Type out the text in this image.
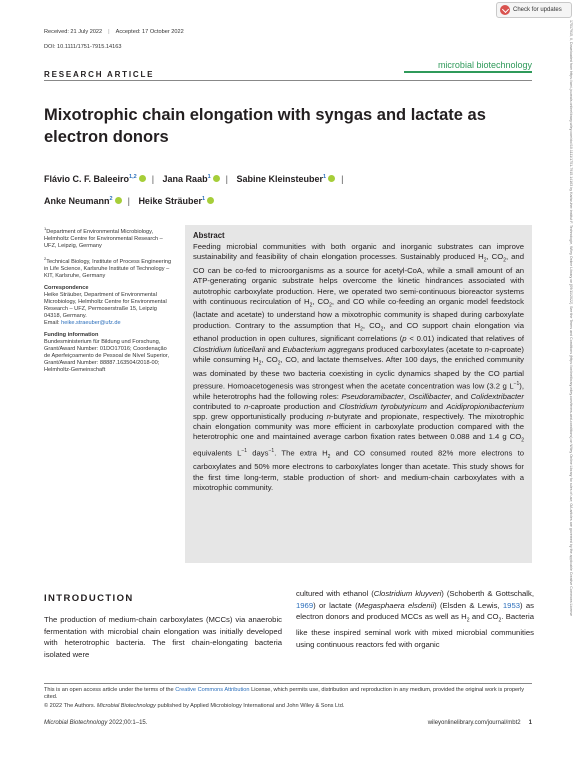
Check for updates
Received: 21 July 2022 | Accepted: 17 October 2022
DOI: 10.1111/1751-7915.14163
RESEARCH ARTICLE
microbial biotechnology
Mixotrophic chain elongation with syngas and lactate as electron donors
Flávio C. F. Baleeiro$^{1,2}$ | Jana Raab$^1$ | Sabine Kleinsteuber$^1$ |
Anke Neumann$^2$ | Heike Sträuber$^1$

$^1$Department of Environmental Microbiology, Helmholtz Centre for Environmental Research – UFZ, Leipzig, Germany

$^2$Technical Biology, Institute of Process Engineering in Life Science, Karlsruhe Institute of Technology – KIT, Karlsruhe, Germany

Correspondence

Heike Sträuber, Department of Environmental Microbiology, Helmholtz Centre for Environmental Research – UFZ, Permoserstraße 15, Leipzig 04318, Germany.
Email: heike.straeuber@ufz.de

Funding information

Bundesministerium für Bildung und Forschung, Grant/Award Number: 01DO17016; Coordenação de Aperfeiçoamento de Pessoal de Nível Superior, Grant/Award Number: 88887.163504/2018-00; Helmholtz-Gemeinschaft

Abstract
Feeding microbial communities with both organic and inorganic substrates can improve sustainability and feasibility of chain elongation processes. Sustainably produced $H_2$, $CO_2$, and CO can be co-fed to microorganisms as a source for acetyl-CoA, while a small amount of an ATP-generating organic substrate helps overcome the kinetic hindrances associated with autotrophic carboxylate production. Here, we operated two semi-continuous bioreactor systems with continuous recirculation of $H_2$, $CO_2$, and CO while co-feeding an organic model feedstock (lactate and acetate) to understand how a mixotrophic community is shaped during carboxylate production. Contrary to the assumption that $H_2$, $CO_2$, and CO support chain elongation via ethanol production in open cultures, significant correlations (p < 0.01) indicated that relatives of Clostridium luticellarii and Eubacterium aggregans produced carboxylates (acetate to n-caproate) while consuming $H_2$, $CO_2$, CO, and lactate themselves. After 100 days, the enriched community was dominated by these two bacteria coexisting in cyclic dynamics shaped by the CO partial pressure. Homoacetogenesis was strongest when the acetate concentration was low (3.2 g $L^{-1}$), while heterotrophs had the following roles: Pseudoramibacter, Oscillibacter, and Colidextribacter contributed to n-caproate production and Clostridium tyrobutyricum and Acidipropionibacterium spp. grew opportunistically producing n-butyrate and propionate, respectively. The mixotrophic chain elongation community was more efficient in carboxylate production compared with the heterotrophic one and maintained average carbon fixation rates between 0.088 and 1.4 g $CO_2$ equivalents $L^{-1}$ days$^{-1}$. The extra $H_2$ and CO consumed routed 82% more electrons to carboxylates and 50% more electrons to carboxylates longer than acetate. This study shows for the first time long-term, stable production of short- and medium-chain carboxylates with a mixotrophic community.
INTRODUCTION
The production of medium-chain carboxylates (MCCs) via anaerobic fermentation with microbial chain elongation was initially developed with heterotrophic bacteria. The first chain-elongating bacteria isolated were
cultured with ethanol (Clostridium kluyveri) (Schoberth & Gottschalk, 1969) or lactate (Megasphaera elsdenii) (Elsden & Lewis, 1953) as electron donors and produced MCCs as well as $H_2$ and $CO_2$. Bacteria like these inspired seminal work with mixed microbial communities using continuous reactors fed with organic
This is an open access article under the terms of the Creative Commons Attribution License, which permits use, distribution and reproduction in any medium, provided the original work is properly cited.
© 2022 The Authors. Microbial Biotechnology published by Applied Microbiology International and John Wiley & Sons Ltd.
Microbial Biotechnology 2022;00:1–15.	wileyonlinelibrary.com/journal/mbt2 1
17517915, 0, Downloaded from https://ami-journals.onlinelibrary.wiley.com/doi/10.1111/1751-7915.14163 by Karlsruher Institut F. Technologie, Wiley Online Library on [09/11/2022]. See the Terms and Conditions (https://onlinelibrary.wiley.com/terms-and-conditions) on Wiley Online Library for rules of use; OA articles are governed by the applicable Creative Commons License
